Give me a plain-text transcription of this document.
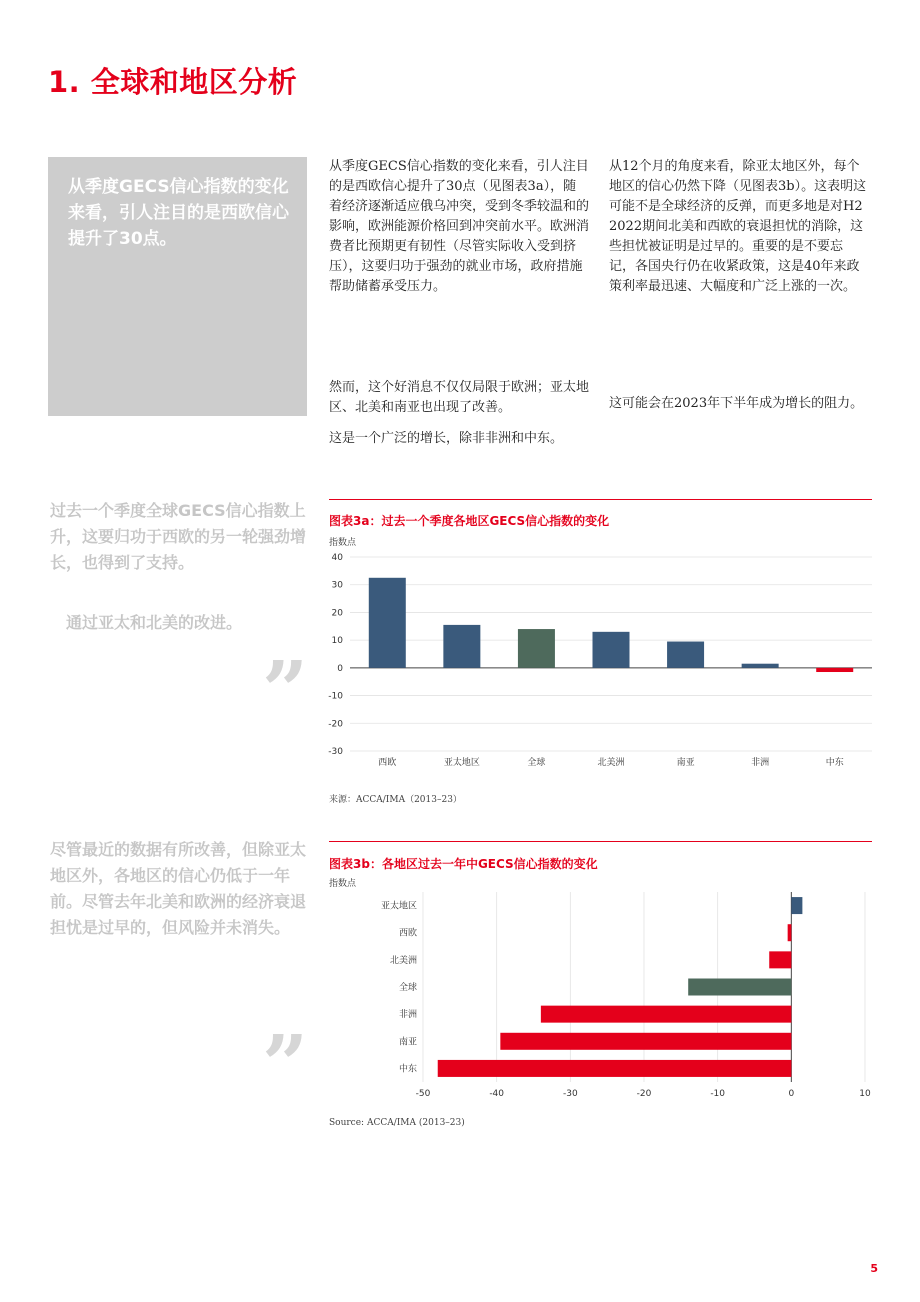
1. 全球和地区分析
从季度GECS信心指数的变化来看，引人注目的是西欧信心提升了30点。
从季度GECS信心指数的变化来看，引人注目的是西欧信心提升了30点（见图表3a），随着经济逐渐适应俄乌冲突，受到冬季较温和的影响，欧洲能源价格回到冲突前水平。欧洲消费者比预期更有韧性（尽管实际收入受到挤压），这要归功于强劲的就业市场，政府措施帮助储蓄承受压力。
然而，这个好消息不仅仅局限于欧洲；亚太地区、北美和南亚也出现了改善。
这是一个广泛的增长，除非非洲和中东。
从12个月的角度来看，除亚太地区外，每个地区的信心仍然下降（见图表3b）。这表明这可能不是全球经济的反弹，而更多地是对H2 2022期间北美和西欧的衰退担忧的消除，这些担忧被证明是过早的。重要的是不要忘记，各国央行仍在收紧政策，这是40年来政策利率最迅速、大幅度和广泛上涨的一次。
这可能会在2023年下半年成为增长的阻力。
过去一个季度全球GECS信心指数上升，这要归功于西欧的另一轮强劲增长，也得到了支持。
通过亚太和北美的改进。
”
尽管最近的数据有所改善，但除亚太地区外，各地区的信心仍低于一年前。尽管去年北美和欧洲的经济衰退担忧是过早的，但风险并未消失。
”
图表3a：过去一个季度各地区GECS信心指数的变化
指数点
40
30
20
10
0
-10
-20
-30
西欧	亚太地区	全球	北美洲	南亚	非洲	中东
来源：ACCA/IMA（2013–23）
图表3b：各地区过去一年中GECS信心指数的变化
指数点
-50	-40	-30	-20	-10	0	10
亚太地区
西欧
北美洲
全球
非洲
南亚
中东
Source: ACCA/IMA (2013–23)
5
